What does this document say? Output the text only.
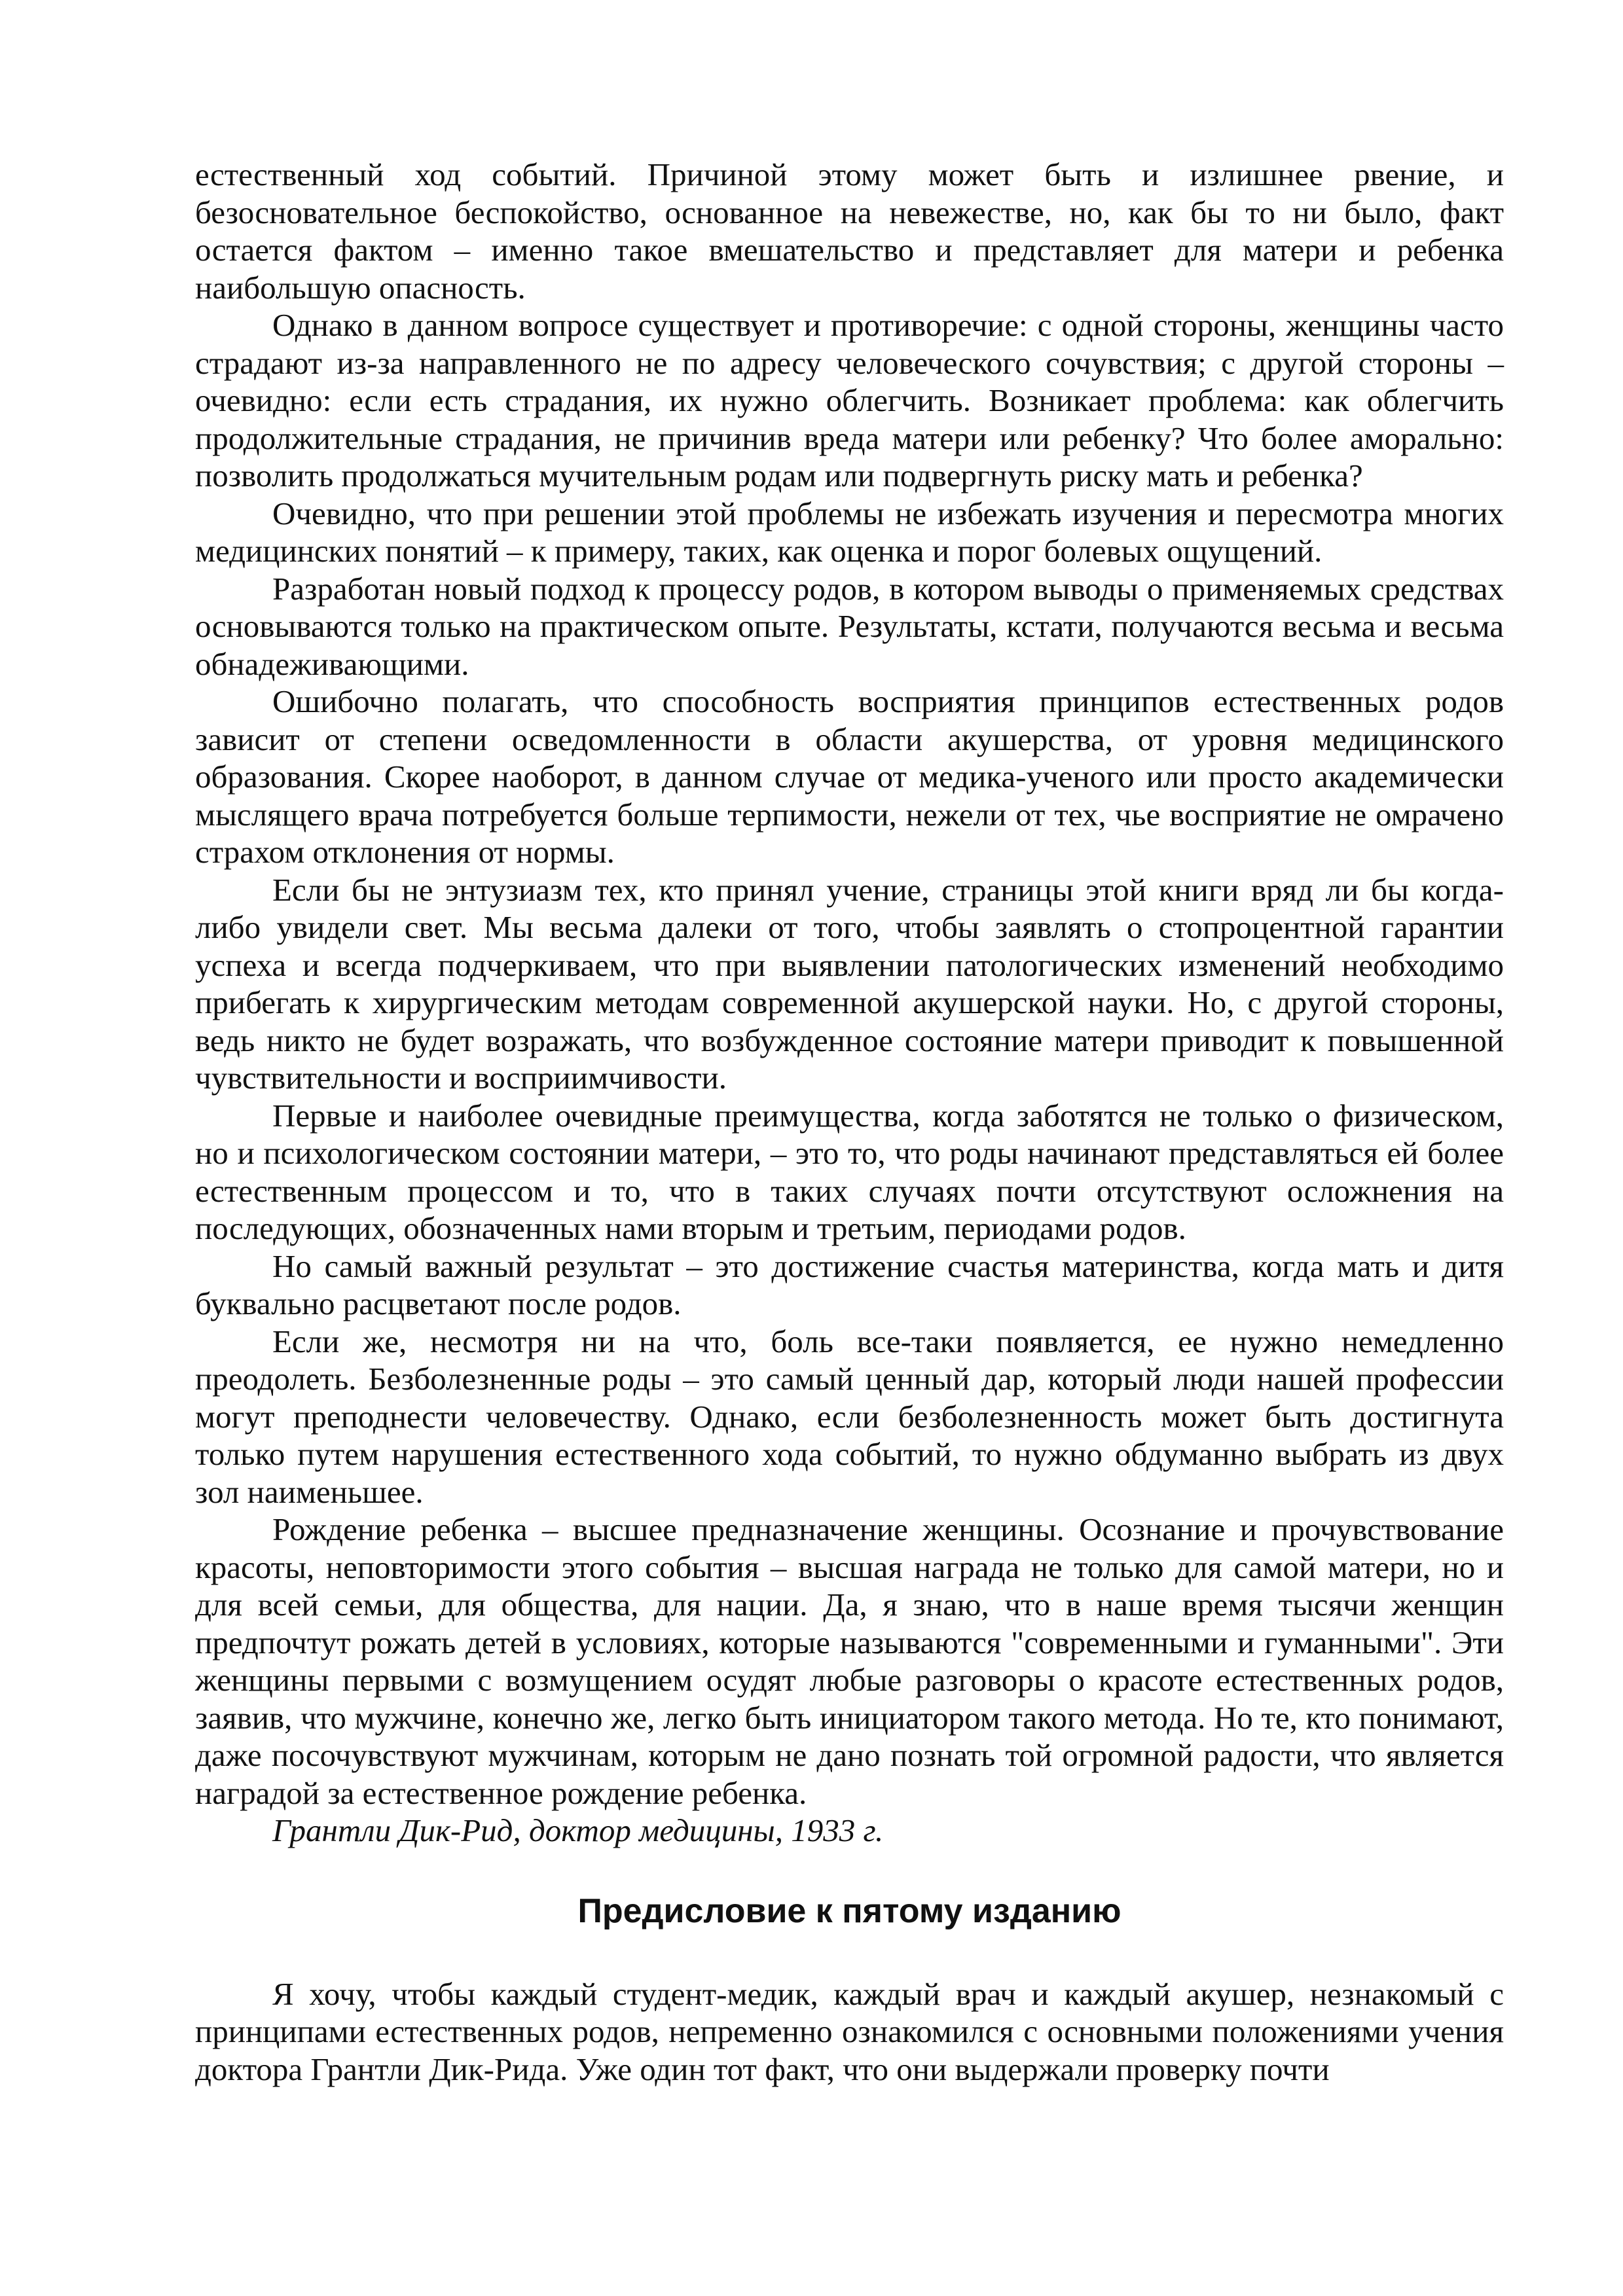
естественный ход событий. Причиной этому может быть и излишнее рвение, и безосновательное беспокойство, основанное на невежестве, но, как бы то ни было, факт остается фактом – именно такое вмешательство и представляет для матери и ребенка наибольшую опасность.

Однако в данном вопросе существует и противоречие: с одной стороны, женщины часто страдают из-за направленного не по адресу человеческого сочувствия; с другой стороны – очевидно: если есть страдания, их нужно облегчить. Возникает проблема: как облегчить продолжительные страдания, не причинив вреда матери или ребенку? Что более аморально: позволить продолжаться мучительным родам или подвергнуть риску мать и ребенка?

Очевидно, что при решении этой проблемы не избежать изучения и пересмотра многих медицинских понятий – к примеру, таких, как оценка и порог болевых ощущений.

Разработан новый подход к процессу родов, в котором выводы о применяемых средствах основываются только на практическом опыте. Результаты, кстати, получаются весьма и весьма обнадеживающими.

Ошибочно полагать, что способность восприятия принципов естественных родов зависит от степени осведомленности в области акушерства, от уровня медицинского образования. Скорее наоборот, в данном случае от медика-ученого или просто академически мыслящего врача потребуется больше терпимости, нежели от тех, чье восприятие не омрачено страхом отклонения от нормы.

Если бы не энтузиазм тех, кто принял учение, страницы этой книги вряд ли бы когда-либо увидели свет. Мы весьма далеки от того, чтобы заявлять о стопроцентной гарантии успеха и всегда подчеркиваем, что при выявлении патологических изменений необходимо прибегать к хирургическим методам современной акушерской науки. Но, с другой стороны, ведь никто не будет возражать, что возбужденное состояние матери приводит к повышенной чувствительности и восприимчивости.

Первые и наиболее очевидные преимущества, когда заботятся не только о физическом, но и психологическом состоянии матери, – это то, что роды начинают представляться ей более естественным процессом и то, что в таких случаях почти отсутствуют осложнения на последующих, обозначенных нами вторым и третьим, периодами родов.

Но самый важный результат – это достижение счастья материнства, когда мать и дитя буквально расцветают после родов.

Если же, несмотря ни на что, боль все-таки появляется, ее нужно немедленно преодолеть. Безболезненные роды – это самый ценный дар, который люди нашей профессии могут преподнести человечеству. Однако, если безболезненность может быть достигнута только путем нарушения естественного хода событий, то нужно обдуманно выбрать из двух зол наименьшее.

Рождение ребенка – высшее предназначение женщины. Осознание и прочувствование красоты, неповторимости этого события – высшая награда не только для самой матери, но и для всей семьи, для общества, для нации. Да, я знаю, что в наше время тысячи женщин предпочтут рожать детей в условиях, которые называются "современными и гуманными". Эти женщины первыми с возмущением осудят любые разговоры о красоте естественных родов, заявив, что мужчине, конечно же, легко быть инициатором такого метода. Но те, кто понимают, даже посочувствуют мужчинам, которым не дано познать той огромной радости, что является наградой за естественное рождение ребенка.

Грантли Дик-Рид, доктор медицины, 1933 г.

Предисловие к пятому изданию

Я хочу, чтобы каждый студент-медик, каждый врач и каждый акушер, незнакомый с принципами естественных родов, непременно ознакомился с основными положениями учения доктора Грантли Дик-Рида. Уже один тот факт, что они выдержали проверку почти
